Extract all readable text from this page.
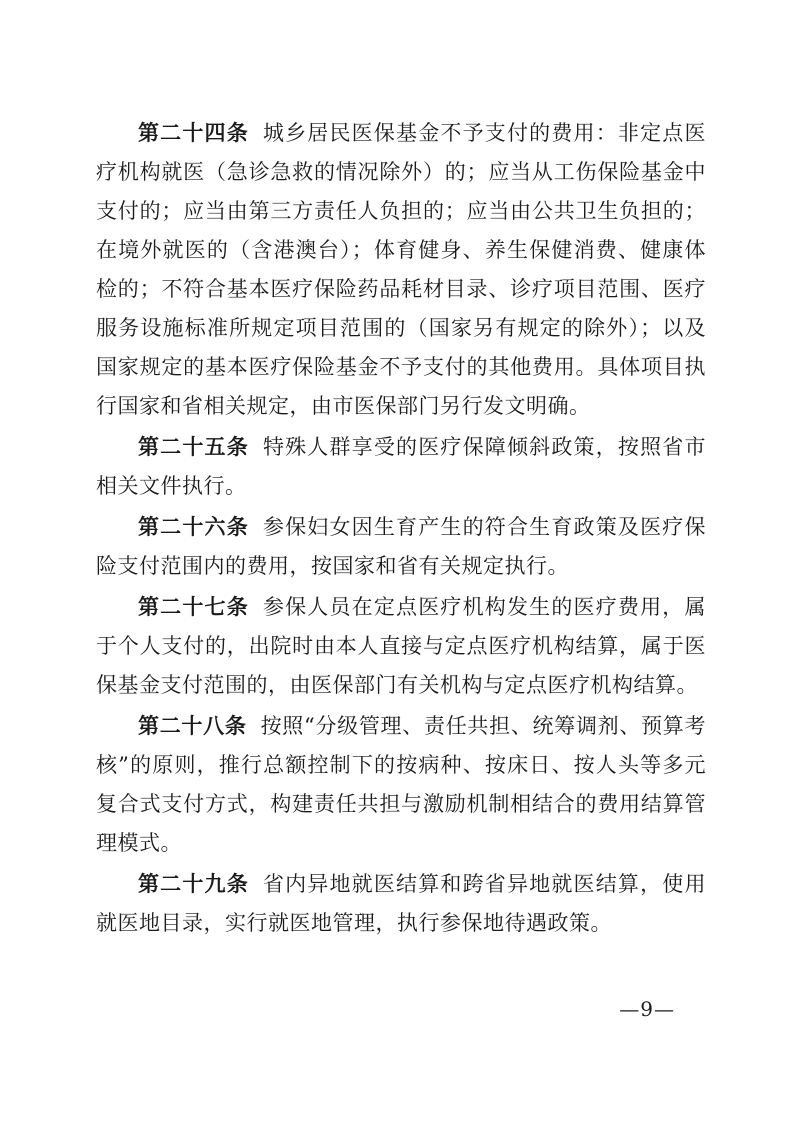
第二十四条 城乡居民医保基金不予支付的费用：非定点医疗机构就医（急诊急救的情况除外）的；应当从工伤保险基金中支付的；应当由第三方责任人负担的；应当由公共卫生负担的；在境外就医的（含港澳台）；体育健身、养生保健消费、健康体检的；不符合基本医疗保险药品耗材目录、诊疗项目范围、医疗服务设施标准所规定项目范围的（国家另有规定的除外）；以及国家规定的基本医疗保险基金不予支付的其他费用。具体项目执行国家和省相关规定，由市医保部门另行发文明确。

第二十五条 特殊人群享受的医疗保障倾斜政策，按照省市相关文件执行。

第二十六条 参保妇女因生育产生的符合生育政策及医疗保险支付范围内的费用，按国家和省有关规定执行。

第二十七条 参保人员在定点医疗机构发生的医疗费用，属于个人支付的，出院时由本人直接与定点医疗机构结算，属于医保基金支付范围的，由医保部门有关机构与定点医疗机构结算。

第二十八条 按照“分级管理、责任共担、统筹调剂、预算考核”的原则，推行总额控制下的按病种、按床日、按人头等多元复合式支付方式，构建责任共担与激励机制相结合的费用结算管理模式。

第二十九条 省内异地就医结算和跨省异地就医结算，使用就医地目录，实行就医地管理，执行参保地待遇政策。

—9—
